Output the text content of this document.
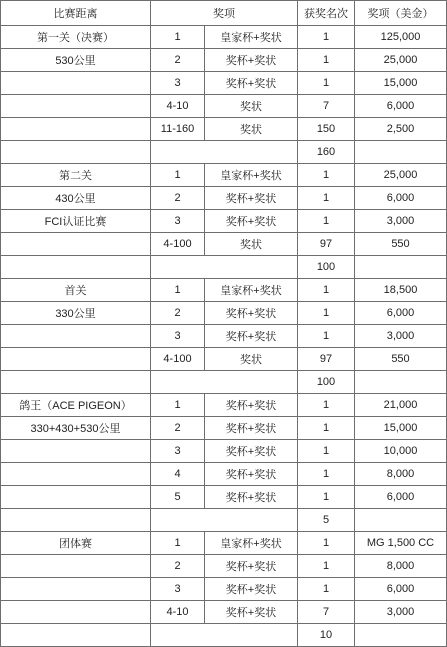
比赛距离	奖项		获奖名次	奖项（美金）
第一关（决赛）	1	皇家杯+奖状	1	125,000
530公里	2	奖杯+奖状	1	25,000
	3	奖杯+奖状	1	15,000
	4-10	奖状	7	6,000
	11-160	奖状	150	2,500
			160	
第二关	1	皇家杯+奖状	1	25,000
430公里	2	奖杯+奖状	1	6,000
FCI认证比赛	3	奖杯+奖状	1	3,000
	4-100	奖状	97	550
			100	
首关	1	皇家杯+奖状	1	18,500
330公里	2	奖杯+奖状	1	6,000
	3	奖杯+奖状	1	3,000
	4-100	奖状	97	550
			100	
鸽王（ACE PIGEON）	1	奖杯+奖状	1	21,000
330+430+530公里	2	奖杯+奖状	1	15,000
	3	奖杯+奖状	1	10,000
	4	奖杯+奖状	1	8,000
	5	奖杯+奖状	1	6,000
			5	
团体赛	1	皇家杯+奖状	1	MG 1,500 CC
	2	奖杯+奖状	1	8,000
	3	奖杯+奖状	1	6,000
	4-10	奖杯+奖状	7	3,000
			10	
